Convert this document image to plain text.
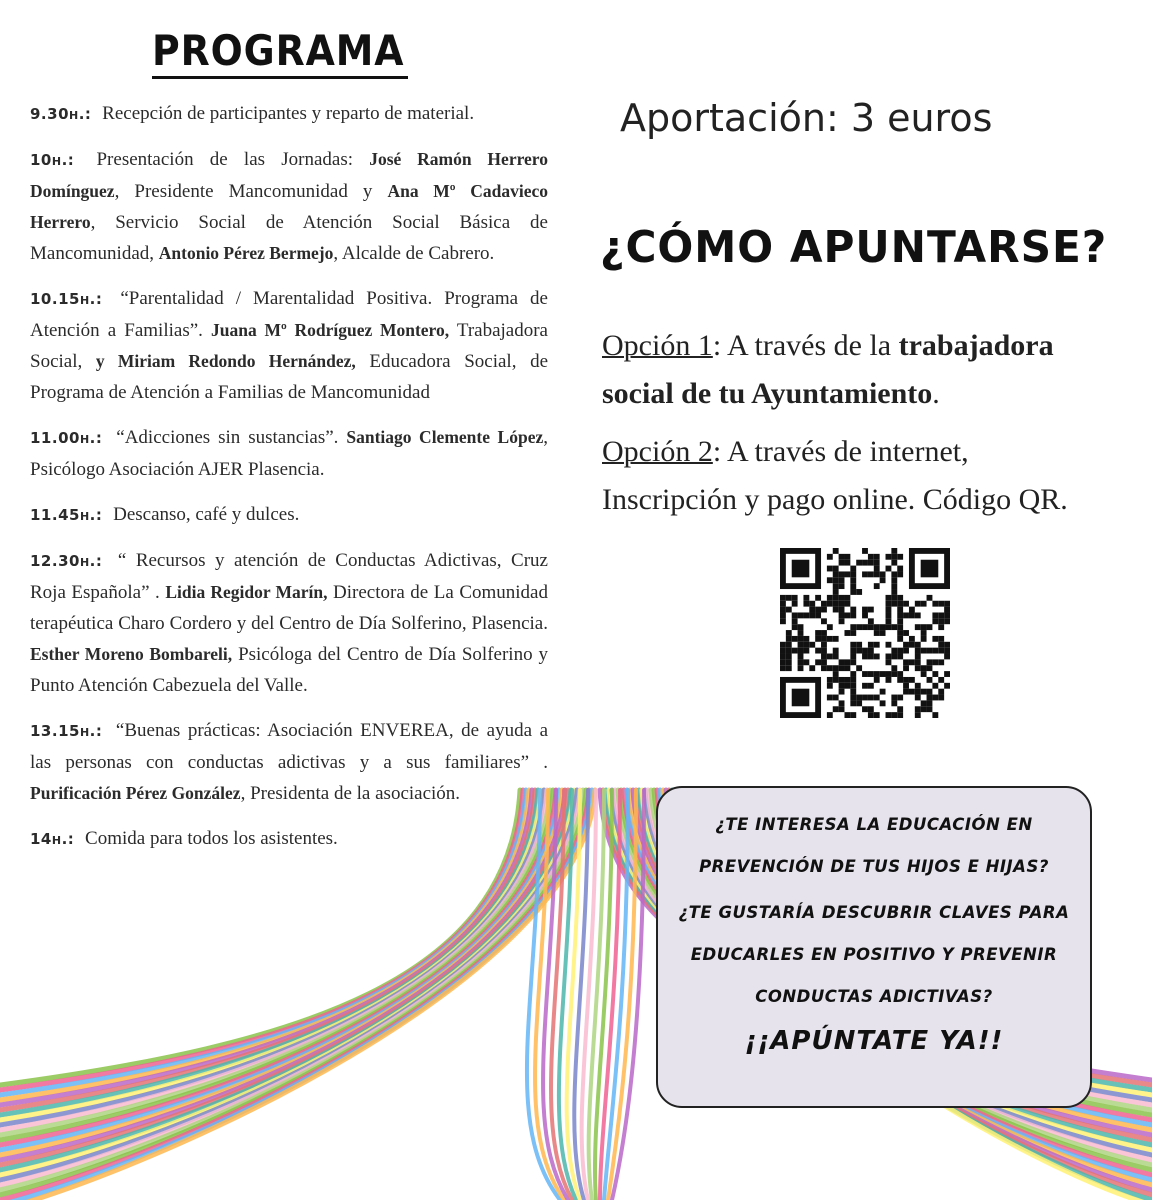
PROGRAMA
9.30h.: Recepción de participantes y reparto de material.
10h.: Presentación de las Jornadas: José Ramón Herrero Domínguez, Presidente Mancomunidad y Ana Mº Cadavieco Herrero, Servicio Social de Atención Social Básica de Mancomunidad, Antonio Pérez Bermejo, Alcalde de Cabrero.
10.15h.: “Parentalidad / Marentalidad Positiva. Programa de Atención a Familias”. Juana Mº Rodríguez Montero, Trabajadora Social, y Miriam Redondo Hernández, Educadora Social, de Programa de Atención a Familias de Mancomunidad
11.00h.: “Adicciones sin sustancias”. Santiago Clemente López, Psicólogo Asociación AJER Plasencia.
11.45h.: Descanso, café y dulces.
12.30h.: “ Recursos y atención de Conductas Adictivas, Cruz Roja Española” . Lidia Regidor Marín, Directora de La Comunidad terapéutica Charo Cordero y del Centro de Día Solferino, Plasencia. Esther Moreno Bombareli, Psicóloga del Centro de Día Solferino y Punto Atención Cabezuela del Valle.
13.15h.: “Buenas prácticas: Asociación ENVEREA, de ayuda a las personas con conductas adictivas y a sus familiares” . Purificación Pérez González, Presidenta de la asociación.
14h.: Comida para todos los asistentes.
Aportación: 3 euros
¿CÓMO APUNTARSE?
Opción 1: A través de la trabajadora social de tu Ayuntamiento.
Opción 2: A través de internet, Inscripción y pago online. Código QR.
¿TE INTERESA LA EDUCACIÓN EN PREVENCIÓN DE TUS HIJOS E HIJAS?
¿TE GUSTARÍA DESCUBRIR CLAVES PARA EDUCARLES EN POSITIVO Y PREVENIR CONDUCTAS ADICTIVAS?
¡¡APÚNTATE YA!!
